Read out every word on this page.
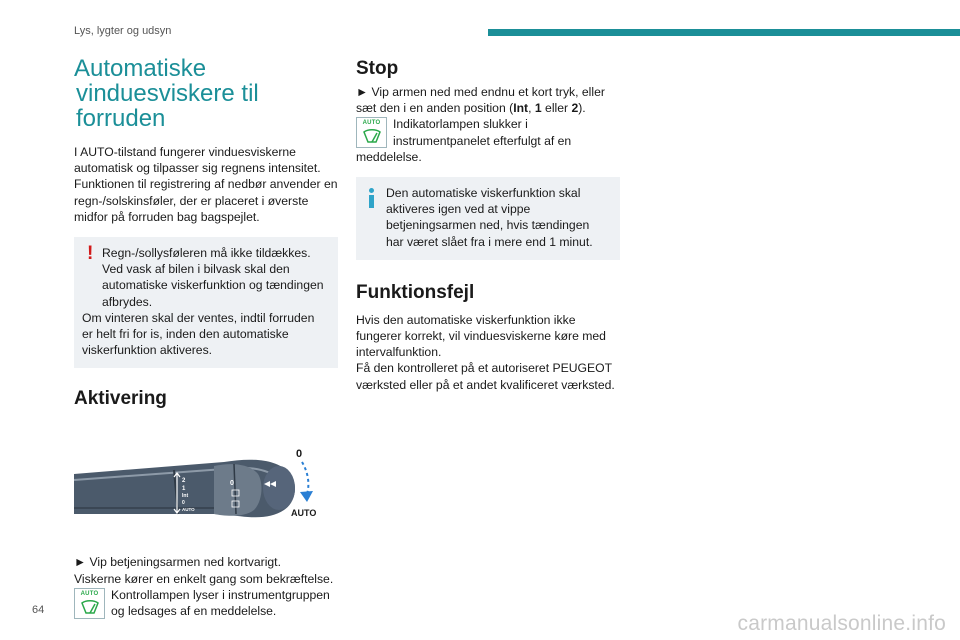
Lys, lygter og udsyn
Automatiske
vinduesviskere til forruden

I AUTO-tilstand fungerer vinduesviskerne automatisk og tilpasser sig regnens intensitet. Funktionen til registrering af nedbør anvender en regn-/solskinsføler, der er placeret i øverste midfor på forruden bag bagspejlet.

! Regn-/sollysføleren må ikke tildækkes.
Ved vask af bilen i bilvask skal den automatiske viskerfunktion og tændingen afbrydes.
Om vinteren skal der ventes, indtil forruden er helt fri for is, inden den automatiske viskerfunktion aktiveres.
Aktivering
2
1
Int
0
AUTO
0
0
AUTO

► Vip betjeningsarmen ned kortvarigt.

Viskerne kører en enkelt gang som bekræftelse.

AUTO	Kontrollampen lyser i instrumentgruppen og ledsages af en meddelelse.

Stop

► Vip armen ned med endnu et kort tryk, eller sæt den i en anden position (Int, 1 eller 2).

AUTO	Indikatorlampen slukker i instrumentpanelet efterfulgt af en meddelelse.

Den automatiske viskerfunktion skal aktiveres igen ved at vippe betjeningsarmen ned, hvis tændingen har været slået fra i mere end 1 minut.

Funktionsfejl

Hvis den automatiske viskerfunktion ikke fungerer korrekt, vil vinduesviskerne køre med intervalfunktion.

Få den kontrolleret på et autoriseret PEUGEOT værksted eller på et andet kvalificeret værksted.

64
carmanualsonline.info
